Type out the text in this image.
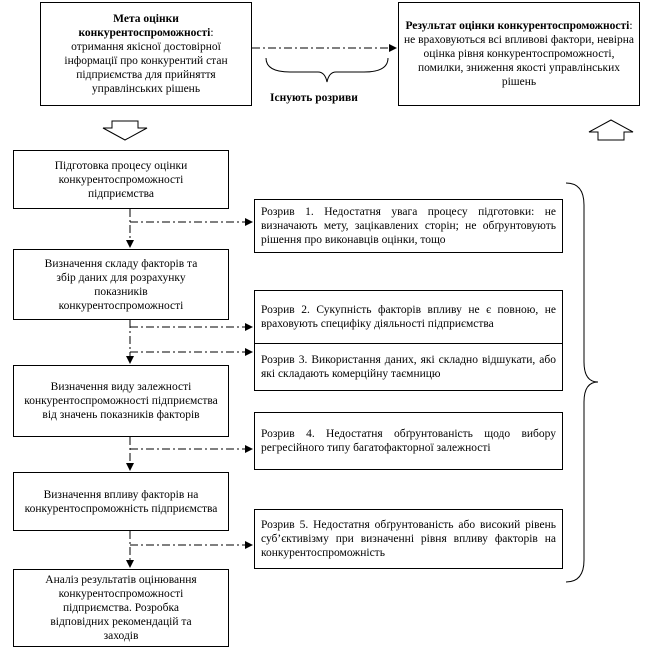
Мета оцінки конкурентоспроможності:
отримання якісної достовірної інформації про конкурентий стан підприємства для прийняття управлінських рішень
Результат оцінки конкурентоспроможності:
не враховуються всі впливові фактори, невірна оцінка рівня конкурентоспроможності, помилки, зниження якості управлінських рішень
Існують розриви
Підготовка процесу оцінки конкурентоспроможності підприємства
Визначення складу факторів та збір даних для розрахунку показників конкурентоспроможності
Визначення виду залежності конкурентоспроможності підприємства від значень показників факторів
Визначення впливу факторів на конкурентоспроможність підприємства
Аналіз результатів оцінювання конкурентоспроможності підприємства. Розробка відповідних рекомендацій та заходів
Розрив 1. Недостатня увага процесу підготовки: не визначають мету, зацікавлених сторін; не обґрунтовують рішення про виконавців оцінки, тощо
Розрив 2. Сукупність факторів впливу не є повною, не враховують специфіку діяльності підприємства
Розрив 3. Використання даних, які складно відшукати, або які складають комерційну таємницю
Розрив 4. Недостатня обґрунтованість щодо вибору регресійного типу багатофакторної залежності
Розрив 5. Недостатня обґрунтованість або високий рівень суб’єктивізму при визначенні рівня впливу факторів на конкурентоспроможність
